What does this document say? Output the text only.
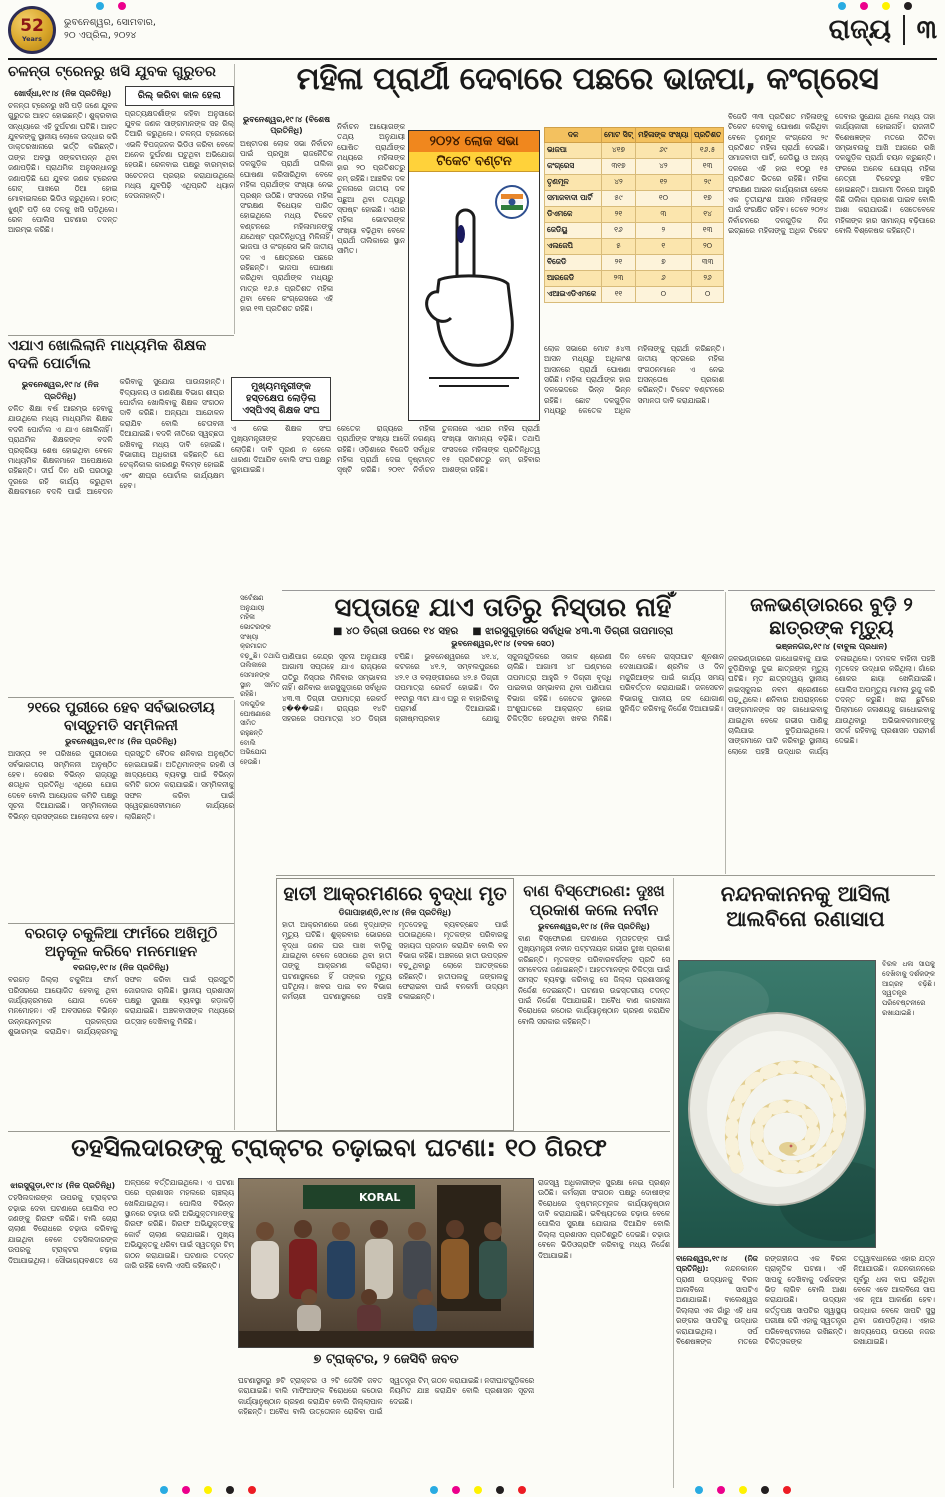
52
Years
ଭୁବନେଶ୍ୱର, ସୋମବାର,
୨୦ ଏପ୍ରିଲ, ୨୦୨୪	ରାଜ୍ୟ ୩
ଚଳନ୍ତା ଟ୍ରେନରୁ ଖସି ଯୁବକ ଗୁରୁତର
ଖୋର୍ଦ୍ଧା,୧୯।୪ (ନିଜ ପ୍ରତିନିଧି)
ଚଳନ୍ତା ଟ୍ରେନରୁ ଖସି ପଡ଼ି ଜଣେ ଯୁବକ ଗୁରୁତର ଆହତ ହୋଇଛନ୍ତି। ଶୁକ୍ରବାର ସନ୍ଧ୍ୟାରେ ଏହି ଦୁର୍ଘଟଣା ଘଟିଛି। ଆହତ ଯୁବକଙ୍କୁ ସ୍ଥାନୀୟ ଲୋକେ ଉଦ୍ଧାର କରି ଡାକ୍ତରଖାନାରେ ଭର୍ତ୍ତି କରିଛନ୍ତି। ତାଙ୍କ ଅବସ୍ଥା ସଙ୍କଟାପନ୍ନ ଥିବା ଜଣାପଡ଼ିଛି। ପ୍ରାଥମିକ ଅନୁସନ୍ଧାନରୁ ଜଣାପଡ଼ିଛି ଯେ ଯୁବକ ଜଣକ ଟ୍ରେନର ଗେଟ୍ ପାଖରେ ଠିଆ ହୋଇ ମୋବାଇଲରେ ଭିଡିଓ କରୁଥିଲେ। ହଠାତ୍ ଝୁଣ୍ଟି ପଡ଼ି ସେ ତଳକୁ ଖସି ପଡ଼ିଥିଲେ। ରେଳ ପୋଲିସ ଘଟଣାର ତଦନ୍ତ ଆରମ୍ଭ କରିଛି।
ରିଲ୍ କରିବା କାଳ ହେଲା
ପ୍ରତ୍ୟକ୍ଷଦର୍ଶୀଙ୍କ କହିବା ଅନୁସାରେ ଯୁବକ ଜଣକ ସାଙ୍ଗମାନଙ୍କ ସହ ରିଲ୍ ତିଆରି କରୁଥିଲେ। ଚଳନ୍ତା ଟ୍ରେନରେ ଏଭଳି ବିପଜ୍ଜନକ ଭିଡିଓ କରିବା ବେଳେ ଅନେକ ଦୁର୍ଘଟଣା ଘଟୁଥିବା ଅଭିଯୋଗ ହେଉଛି। ରେଳବାଇ ପକ୍ଷରୁ ବାରମ୍ବାର ସଚେତନତା ପ୍ରଚାର କରାଯାଉଥିଲେ ମଧ୍ୟ ଯୁବପିଢ଼ି ଏଥିପ୍ରତି ଧ୍ୟାନ ଦେଉନାହାନ୍ତି।
ମହିଳା ପ୍ରାର୍ଥୀ ଦେବାରେ ପଛରେ ଭାଜପା, କଂଗ୍ରେସ
ଭୁବନେଶ୍ୱର,୧୯।୪ (ବିଶେଷ ପ୍ରତିନିଧି)
ଅଷ୍ଟାଦଶ ଲୋକ ସଭା ନିର୍ବାଚନ ପାଇଁ ପ୍ରମୁଖ ରାଜନୈତିକ ଦଳଗୁଡ଼ିକ ପ୍ରାର୍ଥୀ ତାଲିକା ଘୋଷଣା କରିସାରିଥିବା ବେଳେ ମହିଳା ପ୍ରାର୍ଥୀଙ୍କ ସଂଖ୍ୟା ନେଇ ପ୍ରଶ୍ନ ଉଠିଛି। ସଂସଦରେ ମହିଳା ସଂରକ୍ଷଣ ବିଧେୟକ ପାରିତ ହୋଇଥିଲେ ମଧ୍ୟ ଟିକେଟ ବଣ୍ଟନରେ ମହିଳାମାନଙ୍କୁ ଯଥେଷ୍ଟ ପ୍ରତିନିଧିତ୍ୱ ମିଳିନାହିଁ। ଭାଜପା ଓ କଂଗ୍ରେସ ଭଳି ଜାତୀୟ ଦଳ ଏ କ୍ଷେତ୍ରରେ ପଛରେ ରହିଛନ୍ତି। ଭାଜପା ଘୋଷଣା କରିଥିବା ପ୍ରାର୍ଥୀଙ୍କ ମଧ୍ୟରୁ ମାତ୍ର ୧୬.୫ ପ୍ରତିଶତ ମହିଳା ଥିବା ବେଳେ କଂଗ୍ରେସରେ ଏହି ହାର ୧୩ ପ୍ରତିଶତ ରହିଛି।
ନିର୍ବାଚନ ଆୟୋଗଙ୍କ ତଥ୍ୟ ଅନୁଯାୟୀ ଘୋଷିତ ପ୍ରାର୍ଥୀଙ୍କ ମଧ୍ୟରେ ମହିଳାଙ୍କ ହାର ୨୦ ପ୍ରତିଶତରୁ କମ୍ ରହିଛି। ଆଞ୍ଚଳିକ ଦଳ ତୁଳନାରେ ଜାତୀୟ ଦଳ ପଛୁଆ ଥିବା ତଥ୍ୟରୁ ସ୍ପଷ୍ଟ ହୋଇଛି। ଏଥର ମହିଳା ଭୋଟରଙ୍କ ସଂଖ୍ୟା ବଢ଼ିଥିବା ବେଳେ ପ୍ରାର୍ଥୀ ତାଲିକାରେ ସ୍ଥାନ ସୀମିତ।
୨୦୨୪ ଲୋକ ସଭା
ଟିକେଟ ବଣ୍ଟନ
ଦଳ	ମୋଟ ସିଟ୍	ମହିଳାଙ୍କ ସଂଖ୍ୟା	ପ୍ରତିଶତ
ଭାଜପା	୪୧୭	୬୯	୧୬.୫
କଂଗ୍ରେସ	୩୧୭	୪୨	୧୩
ତୃଣମୂଳ	୪୨	୧୨	୨୯
ସମାଜବାଦୀ ପାର୍ଟି	୫୯	୧୦	୧୭
ଡିଏମକେ	୨୧	୩	୧୪
ଜେଡିୟୁ	୧୬	୨	୧୩
ଏଲଜେପି	୫	୧	୨୦
ବିଜେଡି	୨୧	୭	୩୩
ଆରଜେଡି	୨୩	୬	୨୬
ଏଆଇଏଡିଏମକେ	୧୧	୦	୦
ଲୋକ ସଭାରେ ମୋଟ ୫୪୩ ଆସନ ମଧ୍ୟରୁ ଅଧିକାଂଶ ଆସନରେ ପ୍ରାର୍ଥୀ ଘୋଷଣା ସରିଛି। ମହିଳା ପ୍ରାର୍ଥୀଙ୍କ ହାର ଦଳଭେଦରେ ଭିନ୍ନ ଭିନ୍ନ ରହିଛି। ଛୋଟ ଦଳଗୁଡ଼ିକ ମଧ୍ୟରୁ କେତେକ ଅଧିକ ମହିଳାଙ୍କୁ ପ୍ରାର୍ଥୀ କରିଛନ୍ତି। ଜାତୀୟ ସ୍ତରରେ ମହିଳା ସଂଗଠନମାନେ ଏ ନେଇ ଅସନ୍ତୋଷ ପ୍ରକାଶ କରିଛନ୍ତି। ଟିକେଟ ବଣ୍ଟନରେ ସମାନତା ଦାବି କରାଯାଇଛି।
ବିଜେଡି ୩୩ ପ୍ରତିଶତ ମହିଳାଙ୍କୁ ଟିକେଟ ଦେବାକୁ ଘୋଷଣା କରିଥିବା ବେଳେ ତୃଣମୂଳ କଂଗ୍ରେସ ୨୯ ପ୍ରତିଶତ ମହିଳା ପ୍ରାର୍ଥୀ ଦେଇଛି। ସମାଜବାଦୀ ପାର୍ଟି, ଜେଡିୟୁ ଓ ଅନ୍ୟ ଦଳରେ ଏହି ହାର ୧୦ରୁ ୧୫ ପ୍ରତିଶତ ଭିତରେ ରହିଛି। ମହିଳା ସଂରକ୍ଷଣ ଆଇନ କାର୍ଯ୍ୟକାରୀ ହେଲେ ଏକ ତୃତୀୟାଂଶ ଆସନ ମହିଳାଙ୍କ ପାଇଁ ସଂରକ୍ଷିତ ରହିବ। ତେବେ ୨୦୨୪ ନିର୍ବାଚନରେ ଦଳଗୁଡ଼ିକ ନିଜ ଇଚ୍ଛାରେ ମହିଳାଙ୍କୁ ଅଧିକ ଟିକେଟ ଦେବାର ସୁଯୋଗ ଥିଲେ ମଧ୍ୟ ତାହା କାର୍ଯ୍ୟକାରୀ ହୋଇନାହିଁ। ରାଜନୀତି ବିଶେଷଜ୍ଞଙ୍କ ମତରେ ଜିତିବା ସମ୍ଭାବନାକୁ ଆଖି ଆଗରେ ରଖି ଦଳଗୁଡ଼ିକ ପ୍ରାର୍ଥୀ ଚୟନ କରୁଛନ୍ତି। ଫଳରେ ଅନେକ ଯୋଗ୍ୟ ମହିଳା ନେତ୍ରୀ ଟିକେଟରୁ ବଞ୍ଚିତ ହୋଇଛନ୍ତି। ଆଗାମୀ ଦିନରେ ଆହୁରି କିଛି ତାଲିକା ପ୍ରକାଶ ପାଇବ ବୋଲି ଆଶା କରାଯାଉଛି। ସେତେବେଳେ ମହିଳାଙ୍କ ହାର ସାମାନ୍ୟ ବଢ଼ିପାରେ ବୋଲି ବିଶ୍ଳେଷକ କହିଛନ୍ତି।
କେତେକ ରାଜ୍ୟରେ ମହିଳା ପ୍ରାର୍ଥୀଙ୍କ ସଂଖ୍ୟା ଆଦୌ ନଗଣ୍ୟ ରହିଛି। ଓଡ଼ିଶାରେ ବିଜେଡି ସର୍ବାଧିକ ମହିଳା ପ୍ରାର୍ଥୀ ଦେଇ ଦୃଷ୍ଟାନ୍ତ ସୃଷ୍ଟି କରିଛି। ୨୦୧୯ ନିର୍ବାଚନ ତୁଳନାରେ ଏଥର ମହିଳା ପ୍ରାର୍ଥୀ ସଂଖ୍ୟା ସାମାନ୍ୟ ବଢ଼ିଛି। ତଥାପି ସଂସଦରେ ମହିଳାଙ୍କ ପ୍ରତିନିଧିତ୍ୱ ୧୫ ପ୍ରତିଶତରୁ କମ୍ ରହିବାର ଆଶଙ୍କା ରହିଛି।
ସର୍ବେକ୍ଷଣ ଅନୁଯାୟୀ ମହିଳା ଭୋଟରଙ୍କ ସଂଖ୍ୟା କ୍ରମାଗତ ବଢ଼ୁଛି। ତଥାପି ତାଲିକାରେ ସେମାନଙ୍କ ସ୍ଥାନ ସୀମିତ ରହିଛି। ଦଳଗୁଡ଼ିକ ଘୋଷଣାରେ ସୀମିତ ରହୁଛନ୍ତି ବୋଲି ଅଭିଯୋଗ ହେଉଛି।
ଏଯାଏ ଖୋଲିଲାନି ମାଧ୍ୟମିକ ଶିକ୍ଷକ ବଦଳି ପୋର୍ଟାଲ
ଭୁବନେଶ୍ୱର,୧୯।୪ (ନିଜ ପ୍ରତିନିଧି)
ଚଳିତ ଶିକ୍ଷା ବର୍ଷ ଆରମ୍ଭ ହେବାକୁ ଯାଉଥିଲେ ମଧ୍ୟ ମାଧ୍ୟମିକ ଶିକ୍ଷକ ବଦଳି ପୋର୍ଟାଲ ଏ ଯାଏ ଖୋଲିନାହିଁ। ପ୍ରାଥମିକ ଶିକ୍ଷକଙ୍କ ବଦଳି ପ୍ରକ୍ରିୟା ଶେଷ ହୋଇଥିବା ବେଳେ ମାଧ୍ୟମିକ ଶିକ୍ଷକମାନେ ଅପେକ୍ଷାରେ ରହିଛନ୍ତି। ଦୀର୍ଘ ଦିନ ଧରି ଘରଠାରୁ ଦୂରରେ ରହି କାର୍ଯ୍ୟ କରୁଥିବା ଶିକ୍ଷକମାନେ ବଦଳି ପାଇଁ ଆବେଦନ କରିବାକୁ ସୁଯୋଗ ପାଉନାହାନ୍ତି। ବିଦ୍ୟାଳୟ ଓ ଗଣଶିକ୍ଷା ବିଭାଗ ଶୀଘ୍ର ପୋର୍ଟାଲ ଖୋଲିବାକୁ ଶିକ୍ଷକ ସଂଗଠନ ଦାବି କରିଛି। ଅନ୍ୟଥା ଆନ୍ଦୋଳନ କରାଯିବ ବୋଲି ଚେତାବନୀ ଦିଆଯାଇଛି। ବଦଳି ନୀତିରେ ସ୍ୱଚ୍ଛତା ରଖିବାକୁ ମଧ୍ୟ ଦାବି ହୋଇଛି। ବିଭାଗୀୟ ଅଧିକାରୀ କହିଛନ୍ତି ଯେ ଟେକ୍ନିକାଲ କାରଣରୁ ବିଳମ୍ବ ହୋଇଛି ଏବଂ ଶୀଘ୍ର ପୋର୍ଟାଲ କାର୍ଯ୍ୟକ୍ଷମ ହେବ।
ମୁଖ୍ୟମନ୍ତ୍ରୀଙ୍କ ହସ୍ତକ୍ଷେପ ଲୋଡ଼ିଲା ଏସ୍‌ପିଏସ୍ ଶିକ୍ଷକ ସଂଘ
ଏ ନେଇ ଶିକ୍ଷକ ସଂଘ ମୁଖ୍ୟମନ୍ତ୍ରୀଙ୍କ ହସ୍ତକ୍ଷେପ ଲୋଡ଼ିଛି। ଦାବି ପୂରଣ ନ ହେଲେ ଧାରଣା ଦିଆଯିବ ବୋଲି ସଂଘ ପକ୍ଷରୁ କୁହାଯାଇଛି।
୨୧ରେ ପୁରୀରେ ହେବ ସର୍ବଭାରତୀୟ ବାସ୍ତୁମତି ସମ୍ମିଳନୀ
ଭୁବନେଶ୍ୱର,୧୯।୪ (ନିଜ ପ୍ରତିନିଧି)
ଆସନ୍ତା ୨୧ ତାରିଖରେ ପୁରୀଠାରେ ସର୍ବଭାରତୀୟ ସମ୍ମିଳନୀ ଅନୁଷ୍ଠିତ ହେବ। ଦେଶର ବିଭିନ୍ନ ରାଜ୍ୟରୁ ଶତାଧିକ ପ୍ରତିନିଧି ଏଥିରେ ଯୋଗ ଦେବେ ବୋଲି ଆୟୋଜକ କମିଟି ପକ୍ଷରୁ ସୂଚନା ଦିଆଯାଇଛି। ସମ୍ମିଳନୀରେ ବିଭିନ୍ନ ପ୍ରସଙ୍ଗରେ ଆଲୋଚନା ହେବ। ପ୍ରସ୍ତୁତି ବୈଠକ ଶନିବାର ଅନୁଷ୍ଠିତ ହୋଇଯାଇଛି। ଅତିଥିମାନଙ୍କ ରହଣି ଓ ଖାଦ୍ୟପେୟ ବ୍ୟବସ୍ଥା ପାଇଁ ବିଭିନ୍ନ କମିଟି ଗଠନ କରାଯାଇଛି। ସମ୍ମିଳନୀକୁ ସଫଳ କରିବା ପାଇଁ ସ୍ୱେଚ୍ଛାସେବୀମାନେ କାର୍ଯ୍ୟରେ ଲାଗିଛନ୍ତି।
ବରଗଡ଼ ଚକୁଳିଆ ଫାର୍ମରେ ଅଖିମୁଠି ଅନୁକୂଳ କରିବେ ମନମୋହନ
ବରଗଡ଼,୧୯।୪ (ନିଜ ପ୍ରତିନିଧି)
ବରଗଡ଼ ଜିଲ୍ଲା ଚକୁଳିଆ ଫାର୍ମ ପରିସରରେ ଆୟୋଜିତ ହେବାକୁ ଥିବା କାର୍ଯ୍ୟକ୍ରମରେ ଯୋଗ ଦେବେ ମନମୋହନ। ଏହି ଅବସରରେ ବିଭିନ୍ନ ଉନ୍ନୟନମୂଳକ ପ୍ରକଳ୍ପର ଶୁଭାରମ୍ଭ କରାଯିବ। କାର୍ଯ୍ୟକ୍ରମକୁ ସଫଳ କରିବା ପାଇଁ ପ୍ରସ୍ତୁତି ଜୋରଦାର ଚାଲିଛି। ସ୍ଥାନୀୟ ପ୍ରଶାସନ ପକ୍ଷରୁ ସୁରକ୍ଷା ବ୍ୟବସ୍ଥା କଡ଼ାକଡ଼ି କରାଯାଇଛି। ଅଞ୍ଚଳବାସୀଙ୍କ ମଧ୍ୟରେ ଉତ୍ସାହ ଦେଖିବାକୁ ମିଳିଛି।
ସପ୍ତାହେ ଯାଏ ତାତିରୁ ନିସ୍ତାର ନାହିଁ
■ ୪୦ ଡିଗ୍ରୀ ଉପରେ ୧୪ ସହର ■ ଝାରସୁଗୁଡ଼ାରେ ସର୍ବାଧିକ ୪୩.୩ ଡିଗ୍ରୀ ତାପମାତ୍ରା
ଭୁବନେଶ୍ୱର,୧୯।୪ (ବଦଳ ସେଠ)
ପାଣିପାଗ କେନ୍ଦ୍ର ସୂଚନା ଅନୁଯାୟୀ ଆଗାମୀ ସପ୍ତାହେ ଯାଏ ରାଜ୍ୟରେ ତାତିରୁ ନିସ୍ତାର ମିଳିବାର ସମ୍ଭାବନା ନାହିଁ। ଶନିବାର ଝାରସୁଗୁଡ଼ାରେ ସର୍ବାଧିକ ୪୩.୩ ଡିଗ୍ରୀ ତାପମାତ୍ରା ରେକର୍ଡ ହ���ଇଛି। ରାଜ୍ୟର ୧୪ଟି ସହରରେ ତାପମାତ୍ରା ୪୦ ଡିଗ୍ରୀ ଟପିଛି। ଭୁବନେଶ୍ୱରରେ ୪୧.୪, କଟକରେ ୪୧.୨, ସମ୍ବଲପୁରରେ ୪୨.୧ ଓ ବଲାଙ୍ଗୀରରେ ୪୨.୫ ଡିଗ୍ରୀ ତାପମାତ୍ରା ରେକର୍ଡ ହୋଇଛି। ଦିନ ୧୧ଟାରୁ ୩ଟା ଯାଏ ଘରୁ ନ ବାହାରିବାକୁ ପରାମର୍ଶ ଦିଆଯାଇଛି। ଗ୍ରୀଷ୍ମପ୍ରବାହ ଯୋଗୁ ସ୍କୁଲଗୁଡ଼ିକରେ ସକାଳ ଶ୍ରେଣୀ ଚାଲିଛି। ଆଗାମୀ ୪୮ ଘଣ୍ଟାରେ ତାପମାତ୍ରା ଆହୁରି ୨ ଡିଗ୍ରୀ ବୃଦ୍ଧି ପାଇବାର ସମ୍ଭାବନା ଥିବା ପାଣିପାଗ ବିଭାଗ କହିଛି। କେତେକ ସ୍ଥାନରେ ଅଂଶୁଘାତରେ ଆକ୍ରାନ୍ତ ହୋଇ ଚିକିତ୍ସିତ ହେଉଥିବା ଖବର ମିଳିଛି। ଦିନ ବେଳେ ରାସ୍ତାଘାଟ ଶୂନଶାନ ଦେଖାଯାଉଛି। ଶ୍ରମିକ ଓ ଦିନ ମଜୁରିଆଙ୍କ ପାଇଁ କାର୍ଯ୍ୟ ସମୟ ପରିବର୍ତ୍ତନ କରାଯାଇଛି। ଜଳସେଚନ ବିଭାଗକୁ ପାନୀୟ ଜଳ ଯୋଗାଣ ସୁନିଶ୍ଚିତ କରିବାକୁ ନିର୍ଦ୍ଦେଶ ଦିଆଯାଇଛି।
ଜଳଭଣ୍ଡାରରେ ବୁଡ଼ି ୨ ଛାତ୍ରଙ୍କ ମୃତ୍ୟୁ
ଭଞ୍ଜନଗର,୧୯।୪ (ବାବୁଲ ପ୍ରଧାନ)
ଜଳଭଣ୍ଡାରରେ ଗାଧୋଇବାକୁ ଯାଇ ବୁଡ଼ିଯିବାରୁ ଦୁଇ ଛାତ୍ରଙ୍କ ମୃତ୍ୟୁ ଘଟିଛି। ମୃତ ଛାତ୍ରଦ୍ୱୟ ସ୍ଥାନୀୟ ହାଇସ୍କୁଲର ନବମ ଶ୍ରେଣୀରେ ପଢ଼ୁଥିଲେ। ଶନିବାର ଅପରାହ୍ନରେ ସାଙ୍ଗମାନଙ୍କ ସହ ଗାଧୋଇବାକୁ ଯାଇଥିବା ବେଳେ ଗଭୀର ପାଣିକୁ ଚାଲିଯାଇ ବୁଡ଼ିଯାଇଥିଲେ। ସାଙ୍ଗମାନେ ପାଟି କରିବାରୁ ସ୍ଥାନୀୟ ଲୋକେ ପହଞ୍ଚି ଉଦ୍ଧାର କାର୍ଯ୍ୟ ଚଳାଇଥିଲେ। ଦମକଳ ବାହିନୀ ପହଞ୍ଚି ମୃତଦେହ ଉଦ୍ଧାର କରିଥିଲା। ଗାଁରେ ଶୋକର ଛାୟା ଖେଳିଯାଇଛି। ପୋଲିସ ଅପମୃତ୍ୟୁ ମାମଲା ରୁଜୁ କରି ତଦନ୍ତ କରୁଛି। ଖରା ଛୁଟିରେ ପିଲାମାନେ ଜଳାଶୟକୁ ଗାଧୋଇବାକୁ ଯାଉଥିବାରୁ ଅଭିଭାବକମାନଙ୍କୁ ସତର୍କ ରହିବାକୁ ପ୍ରଶାସନ ପରାମର୍ଶ ଦେଇଛି।
ହାତୀ ଆକ୍ରମଣରେ ବୃଦ୍ଧା ମୃତ
ଡିଗାପାହାଣ୍ଡି,୧୯।୪ (ନିଜ ପ୍ରତିନିଧି)
ହାତୀ ଆକ୍ରମଣରେ ଜଣେ ବୃଦ୍ଧାଙ୍କ ମୃତ୍ୟୁ ଘଟିଛି। ଶୁକ୍ରବାର ଭୋରରେ ବୃଦ୍ଧା ଜଣକ ଘର ପାଖ ବାଡ଼ିକୁ ଯାଇଥିବା ବେଳେ ସେଠାରେ ଥିବା ହାତୀ ତାଙ୍କୁ ଆକ୍ରମଣ କରିଥିଲା। ଘଟଣାସ୍ଥଳରେ ହିଁ ତାଙ୍କର ମୃତ୍ୟୁ ଘଟିଥିଲା। ଖବର ପାଇ ବନ ବିଭାଗ କର୍ମଚାରୀ ଘଟଣାସ୍ଥଳରେ ପହଞ୍ଚି ମୃତଦେହକୁ ବ୍ୟବଚ୍ଛେଦ ପାଇଁ ପଠାଇଥିଲେ। ମୃତକଙ୍କ ପରିବାରକୁ ସହାୟତା ପ୍ରଦାନ କରାଯିବ ବୋଲି ବନ ବିଭାଗ କହିଛି। ଅଞ୍ଚଳରେ ହାତୀ ଉପଦ୍ରବ ବଢ଼ୁଥିବାରୁ ଲୋକେ ଆତଙ୍କରେ ରହିଛନ୍ତି। ହାତୀପଲକୁ ଜଙ୍ଗଲକୁ ଫେରାଇବା ପାଇଁ ବନକର୍ମୀ ଉଦ୍ୟମ ଚଳାଇଛନ୍ତି।
ବାଣ ବିସ୍ଫୋରଣ: ଦୁଃଖ ପ୍ରକାଶ କଲେ ନବୀନ
ଭୁବନେଶ୍ୱର,୧୯।୪ (ନିଜ ପ୍ରତିନିଧି)
ବାଣ ବିସ୍ଫୋରଣ ଘଟଣାରେ ମୃତାହତଙ୍କ ପାଇଁ ମୁଖ୍ୟମନ୍ତ୍ରୀ ନବୀନ ପଟ୍ଟନାୟକ ଗଭୀର ଦୁଃଖ ପ୍ରକାଶ କରିଛନ୍ତି। ମୃତକଙ୍କ ପରିବାରବର୍ଗଙ୍କ ପ୍ରତି ସେ ସମବେଦନା ଜଣାଇଛନ୍ତି। ଆହତମାନଙ୍କ ଚିକିତ୍ସା ପାଇଁ ସମସ୍ତ ବ୍ୟବସ୍ଥା କରିବାକୁ ସେ ଜିଲ୍ଲା ପ୍ରଶାସନକୁ ନିର୍ଦ୍ଦେଶ ଦେଇଛନ୍ତି। ଘଟଣାର ଉଚ୍ଚସ୍ତରୀୟ ତଦନ୍ତ ପାଇଁ ନିର୍ଦ୍ଦେଶ ଦିଆଯାଇଛି। ଅବୈଧ ବାଣ କାରଖାନା ବିରୋଧରେ କଠୋର କାର୍ଯ୍ୟାନୁଷ୍ଠାନ ଗ୍ରହଣ କରାଯିବ ବୋଲି ସରକାର କହିଛନ୍ତି।
ନନ୍ଦନକାନନକୁ ଆସିଲା
ଆଲବିନୋ ରଣାସାପ
ବିରଳ ଧଳା ସାପକୁ ଦେଖିବାକୁ ଦର୍ଶକଙ୍କ ଆଗ୍ରହ ବଢ଼ିଛି। ସ୍ୱତନ୍ତ୍ର ପରିବେଷ୍ଟନୀରେ ରଖାଯାଇଛି।
ବାଲେଶ୍ୱର,୧୯।୪ (ନିଜ ପ୍ରତିନିଧି): ନନ୍ଦନକାନନ ପ୍ରାଣୀ ଉଦ୍ୟାନକୁ ବିରଳ ଆଲବିନୋ ସାପଟିଏ ଅଣାଯାଇଛି। ବାଲେଶ୍ୱର ଜିଲ୍ଲାର ଏକ ଗାଁରୁ ଏହି ଧଳା ରଙ୍ଗର ସାପଟିକୁ ଉଦ୍ଧାର କରାଯାଇଥିଲା। ସର୍ପ ବିଶେଷଜ୍ଞଙ୍କ ମତରେ ରଙ୍ଗହୀନତା ଏକ ବିରଳ ପ୍ରାକୃତିକ ଘଟଣା। ଏହି ସାପକୁ ଦେଖିବାକୁ ଦର୍ଶକଙ୍କ ଭିଡ଼ ଲାଗିବ ବୋଲି ଆଶା କରାଯାଉଛି। ଉଦ୍ୟାନ କର୍ତ୍ତୃପକ୍ଷ ସାପଟିର ସ୍ୱାସ୍ଥ୍ୟ ପରୀକ୍ଷା କରି ଏହାକୁ ସ୍ୱତନ୍ତ୍ର ପରିବେଷ୍ଟନୀରେ ରଖିଛନ୍ତି। ଚିକିତ୍ସକଙ୍କ ତତ୍ତ୍ୱାବଧାନରେ ଏହାର ଯତ୍ନ ନିଆଯାଉଛି। ନନ୍ଦନକାନନରେ ପୂର୍ବରୁ ଧଳା ବାଘ ରହିଥିବା ବେଳେ ଏବେ ଆଲବିନୋ ସାପ ଏକ ନୂଆ ଆକର୍ଷଣ ହେବ। ଉଦ୍ଧାର ବେଳେ ସାପଟି ସୁସ୍ଥ ଥିବା ଜଣାପଡ଼ିଥିଲା। ଏହାର ଖାଦ୍ୟପେୟ ଉପରେ ନଜର ରଖାଯାଇଛି।
ତହସିଲଦାରଙ୍କୁ ଟ୍ରାକ୍ଟର ଚଢ଼ାଇବା ଘଟଣା: ୧୦ ଗିରଫ
ଝାରସୁଗୁଡ଼ା,୧୯।୪ (ନିଜ ପ୍ରତିନିଧି)
ତହସିଲଦାରଙ୍କ ଉପରକୁ ଟ୍ରାକ୍ଟର ଚଢ଼ାଇ ଦେବା ଘଟଣାରେ ପୋଲିସ ୧୦ ଜଣଙ୍କୁ ଗିରଫ କରିଛି। ବାଲି ଚୋରା ଚାଲାଣ ବିରୋଧରେ ଚଢ଼ାଉ କରିବାକୁ ଯାଇଥିବା ବେଳେ ତହସିଲଦାରଙ୍କ ଉପରକୁ ଟ୍ରାକ୍ଟର ଚଢ଼ାଇ ଦିଆଯାଇଥିଲା। ସୌଭାଗ୍ୟବଶତଃ ସେ ଅଳ୍ପକେ ବର୍ତ୍ତିଯାଇଥିଲେ। ଏ ଘଟଣା ପରେ ପ୍ରଶାସନ ମହଲରେ ଚାଞ୍ଚଲ୍ୟ ଖେଳିଯାଇଥିଲା। ପୋଲିସ ବିଭିନ୍ନ ସ୍ଥାନରେ ଚଢ଼ାଉ କରି ଅଭିଯୁକ୍ତମାନଙ୍କୁ ଗିରଫ କରିଛି। ଗିରଫ ଅଭିଯୁକ୍ତଙ୍କୁ କୋର୍ଟ ଚାଲାଣ କରାଯାଇଛି। ମୁଖ୍ୟ ଅଭିଯୁକ୍ତକୁ ଧରିବା ପାଇଁ ସ୍ୱତନ୍ତ୍ର ଟିମ୍ ଗଠନ କରାଯାଇଛି। ଘଟଣାର ତଦନ୍ତ ଜାରି ରହିଛି ବୋଲି ଏସପି କହିଛନ୍ତି।
KORAL
୭ ଟ୍ରାକ୍ଟର, ୨ ଜେସିବି ଜବତ
ଘଟଣାସ୍ଥଳରୁ ୭ଟି ଟ୍ରାକ୍ଟର ଓ ୨ଟି ଜେସିବି ଜବତ କରାଯାଇଛି। ବାଲି ମାଫିଆଙ୍କ ବିରୋଧରେ କଠୋର କାର୍ଯ୍ୟାନୁଷ୍ଠାନ ଗ୍ରହଣ କରାଯିବ ବୋଲି ଜିଲ୍ଲାପାଳ କହିଛନ୍ତି। ଅବୈଧ ବାଲି ଉତ୍ତୋଳନ ରୋକିବା ପାଇଁ ସ୍ୱତନ୍ତ୍ର ଟିମ୍ ଗଠନ କରାଯାଇଛି। ନଦୀଘାଟଗୁଡ଼ିକରେ ନିୟମିତ ଯାଞ୍ଚ କରାଯିବ ବୋଲି ପ୍ରଶାସନ ସୂଚନା ଦେଇଛି।
ରାଜସ୍ୱ ଅଧିକାରୀଙ୍କ ସୁରକ୍ଷା ନେଇ ପ୍ରଶ୍ନ ଉଠିଛି। କର୍ମଚାରୀ ସଂଗଠନ ପକ୍ଷରୁ ଦୋଷୀଙ୍କ ବିରୋଧରେ ଦୃଷ୍ଟାନ୍ତମୂଳକ କାର୍ଯ୍ୟାନୁଷ୍ଠାନ ଦାବି କରାଯାଇଛି। ଭବିଷ୍ୟତରେ ଚଢ଼ାଉ ବେଳେ ପୋଲିସ ସୁରକ୍ଷା ଯୋଗାଇ ଦିଆଯିବ ବୋଲି ଜିଲ୍ଲା ପ୍ରଶାସନ ପ୍ରତିଶ୍ରୁତି ଦେଇଛି। ଚଢ଼ାଉ ବେଳେ ଭିଡିଓଗ୍ରାଫି କରିବାକୁ ମଧ୍ୟ ନିର୍ଦ୍ଦେଶ ଦିଆଯାଇଛି।
